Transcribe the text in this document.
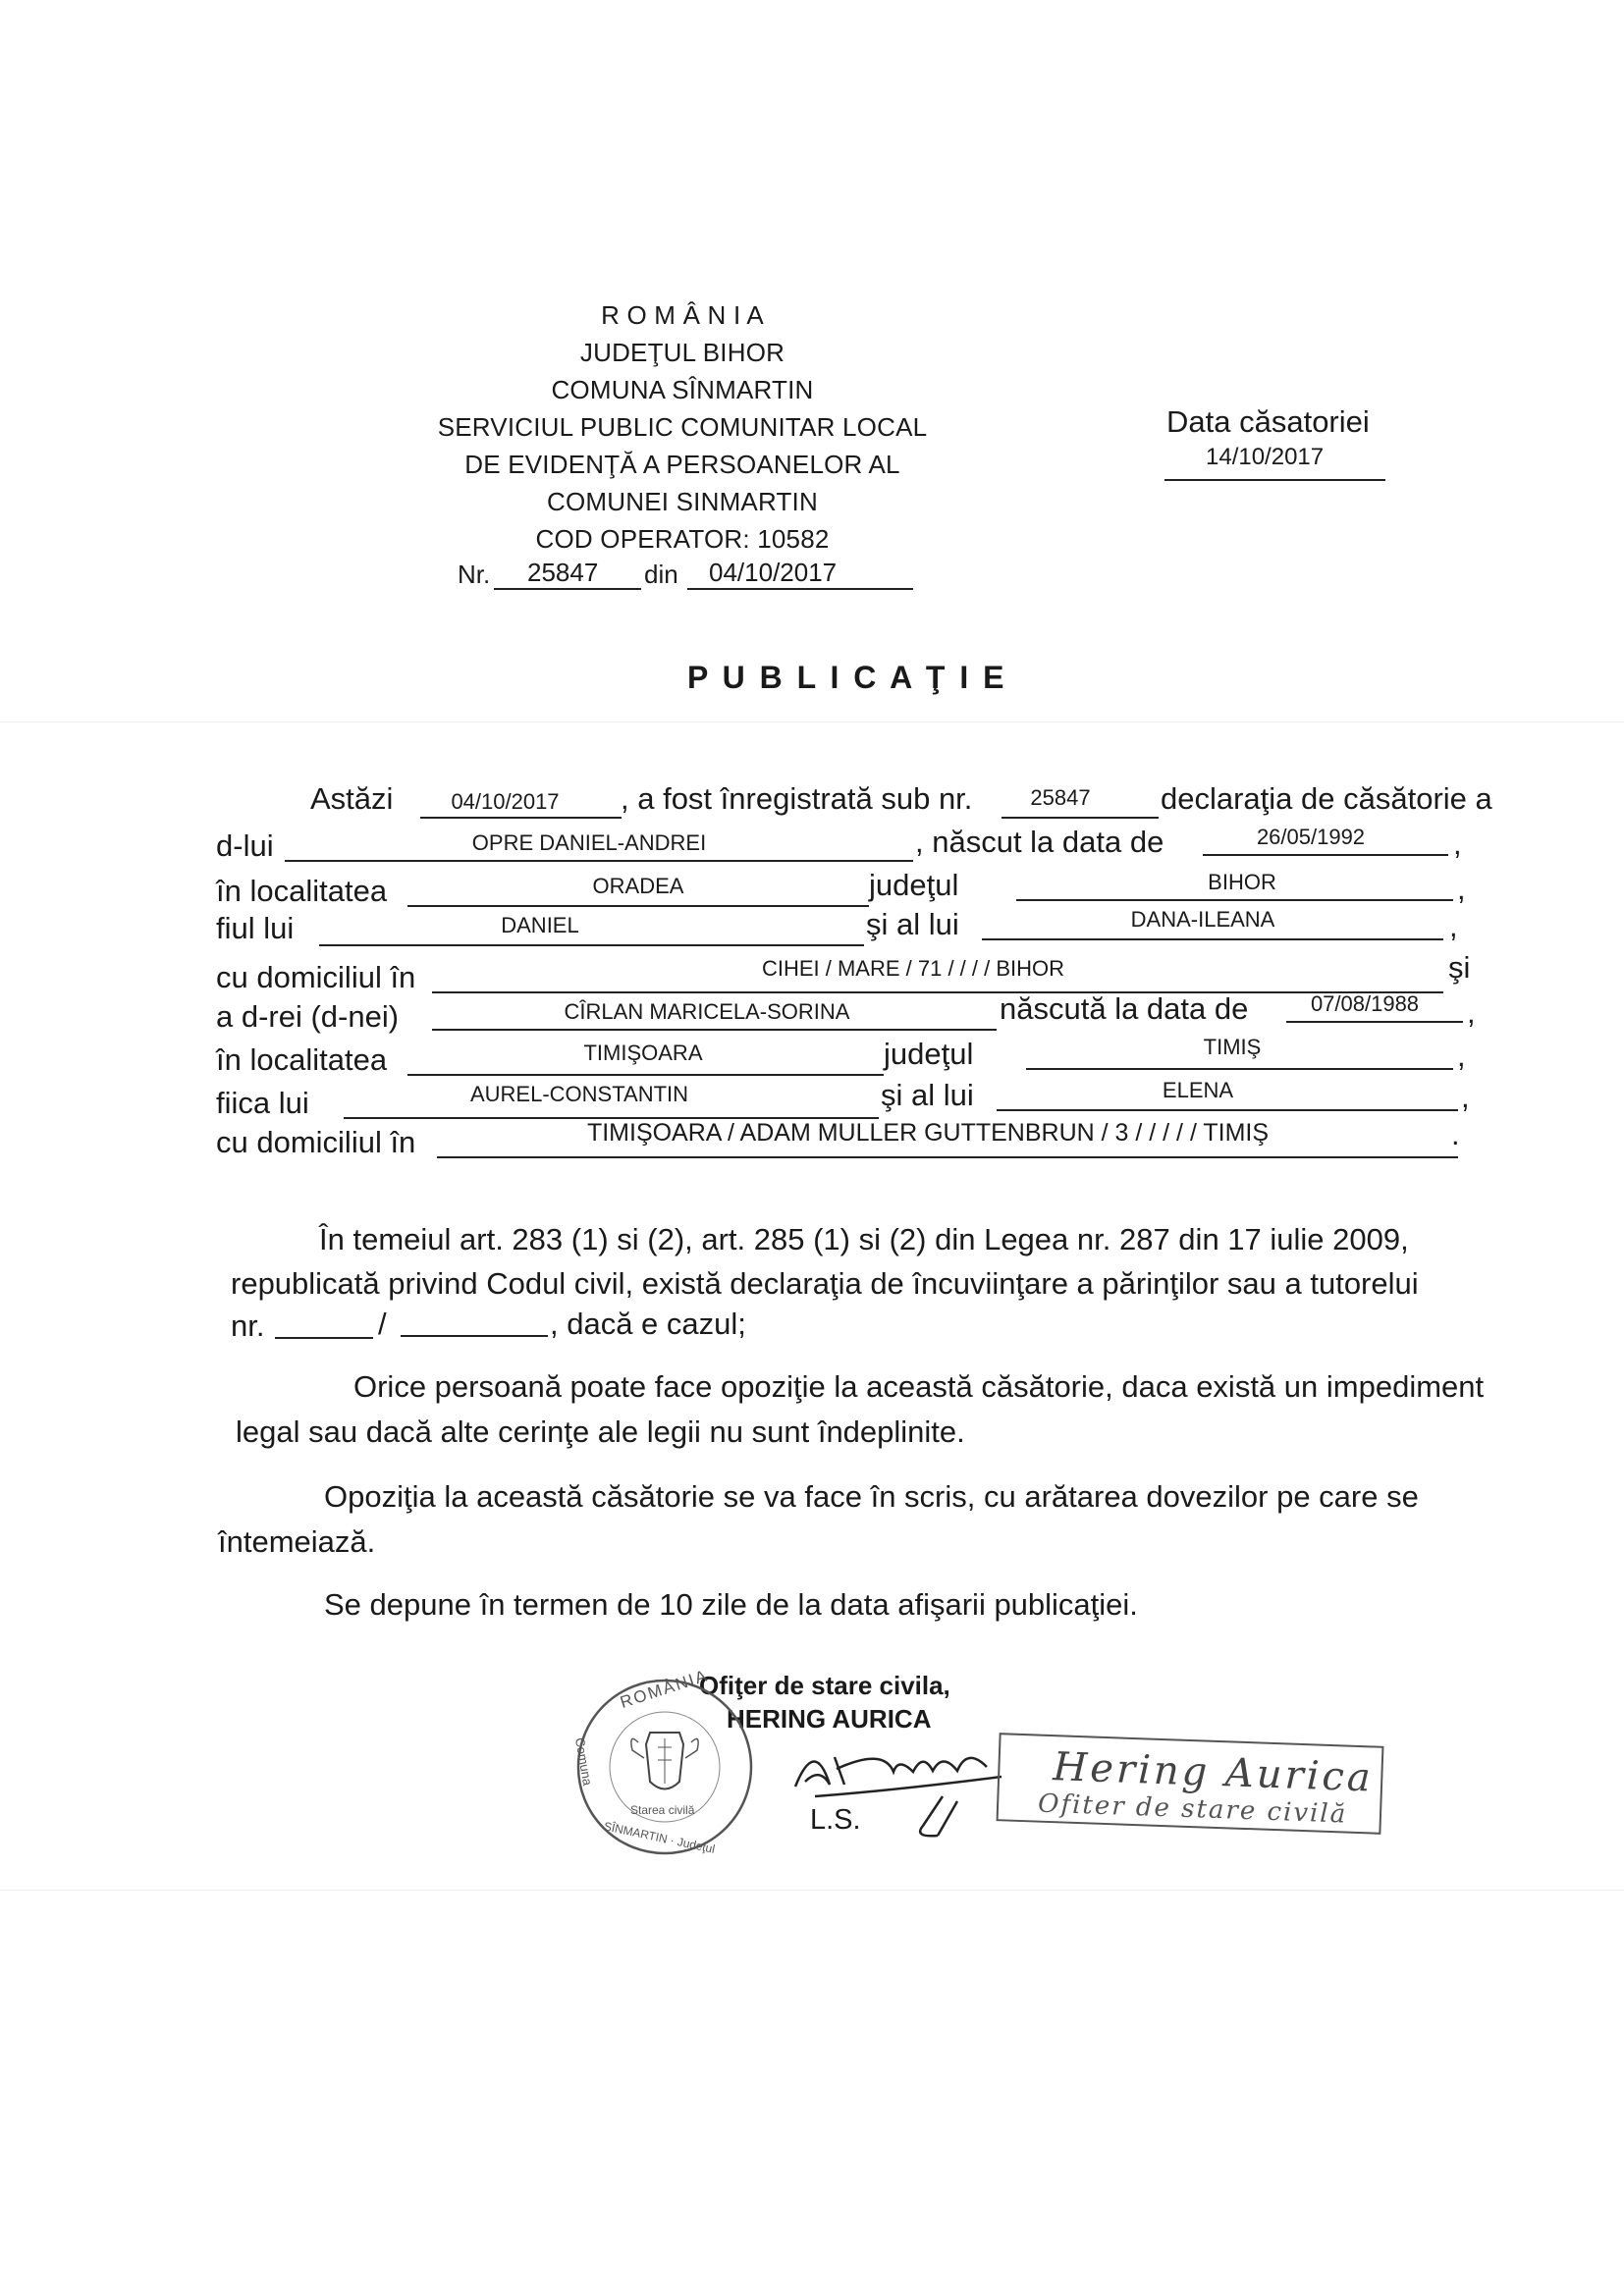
R O M Â N I A
JUDEŢUL BIHOR
COMUNA SÎNMARTIN
SERVICIUL PUBLIC COMUNITAR LOCAL
DE EVIDENŢĂ A PERSOANELOR AL
COMUNEI SINMARTIN
COD OPERATOR: 10582
Nr. 25847 din 04/10/2017
Data căsatoriei
14/10/2017
P U B L I C A Ţ I E
Astăzi	04/10/2017	, a fost înregistrată sub nr.	25847	declaraţia de căsătorie a
d-lui	OPRE DANIEL-ANDREI	, născut la data de	26/05/1992	,
în localitatea	ORADEA	judeţul	BIHOR	,
fiul lui	DANIEL	şi al lui	DANA-ILEANA	,
cu domiciliul în	CIHEI / MARE / 71 / / / / BIHOR	şi
a d-rei (d-nei)	CÎRLAN MARICELA-SORINA	născută la data de	07/08/1988	,
în localitatea	TIMIŞOARA	judeţul	TIMIŞ	,
fiica lui	AUREL-CONSTANTIN	şi al lui	ELENA	,
cu domiciliul în	TIMIŞOARA / ADAM MULLER GUTTENBRUN / 3 / / / / / TIMIŞ	.
În temeiul art. 283 (1) si (2), art. 285 (1) si (2) din Legea nr. 287 din 17 iulie 2009,
republicată privind Codul civil, există declaraţia de încuviinţare a părinţilor sau a tutorelui
nr.	/	, dacă e cazul;
Orice persoană poate face opoziţie la această căsătorie, daca există un impediment
legal sau dacă alte cerinţe ale legii nu sunt îndeplinite.
Opoziţia la această căsătorie se va face în scris, cu arătarea dovezilor pe care se
întemeiază.
Se depune în termen de 10 zile de la data afişarii publicaţiei.
Ofiţer de stare civila,
HERING AURICA
ROMÂNIA
Comuna
Starea civilă
SÎNMARTIN · Judeţul	L.S.
Hering Aurica
Ofiter de stare civilă
